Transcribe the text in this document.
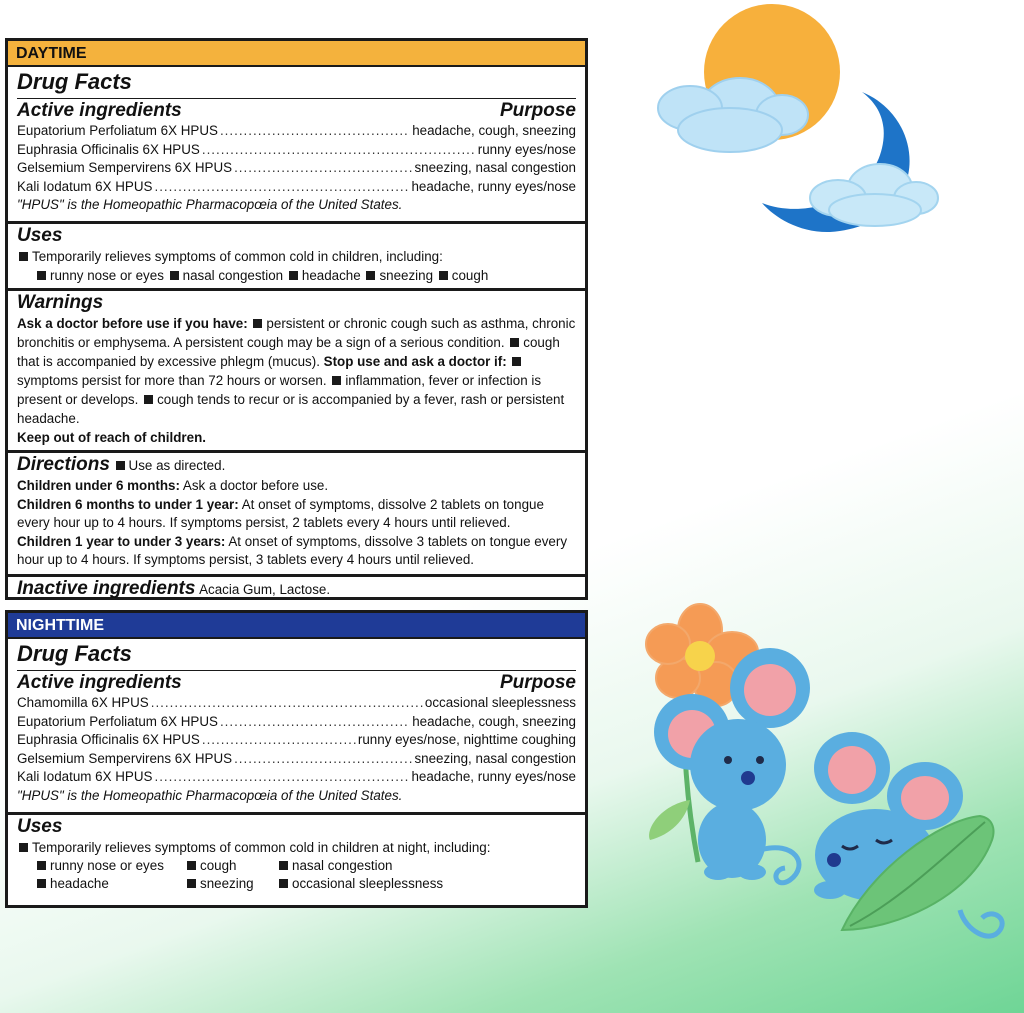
DAYTIME
Drug Facts
Active ingredients	Purpose
Eupatorium Perfoliatum 6X HPUS .....	headache, cough, sneezing
Euphrasia Officinalis 6X HPUS .....	runny eyes/nose
Gelsemium Sempervirens 6X HPUS .....	sneezing, nasal congestion
Kali Iodatum 6X HPUS .....	headache, runny eyes/nose
"HPUS" is the Homeopathic Pharmacopœia of the United States.
Uses
Temporarily relieves symptoms of common cold in children, including:
runny nose or eyes nasal congestion headache sneezing cough
Warnings
Ask a doctor before use if you have: persistent or chronic cough such as asthma, chronic bronchitis or emphysema. A persistent cough may be a sign of a serious condition. cough that is accompanied by excessive phlegm (mucus). Stop use and ask a doctor if: symptoms persist for more than 72 hours or worsen. inflammation, fever or infection is present or develops. cough tends to recur or is accompanied by a fever, rash or persistent headache.
Keep out of reach of children.
Directions Use as directed.
Children under 6 months: Ask a doctor before use.
Children 6 months to under 1 year: At onset of symptoms, dissolve 2 tablets on tongue every hour up to 4 hours. If symptoms persist, 2 tablets every 4 hours until relieved.
Children 1 year to under 3 years: At onset of symptoms, dissolve 3 tablets on tongue every hour up to 4 hours. If symptoms persist, 3 tablets every 4 hours until relieved.
Inactive ingredients Acacia Gum, Lactose.
NIGHTTIME
Drug Facts
Active ingredients	Purpose
Chamomilla 6X HPUS .....	occasional sleeplessness
Eupatorium Perfoliatum 6X HPUS .....	headache, cough, sneezing
Euphrasia Officinalis 6X HPUS .....	runny eyes/nose, nighttime coughing
Gelsemium Sempervirens 6X HPUS .....	sneezing, nasal congestion
Kali Iodatum 6X HPUS .....	headache, runny eyes/nose
"HPUS" is the Homeopathic Pharmacopœia of the United States.
Uses
Temporarily relieves symptoms of common cold in children at night, including:
runny nose or eyes	cough	nasal congestion
headache	sneezing	occasional sleeplessness
